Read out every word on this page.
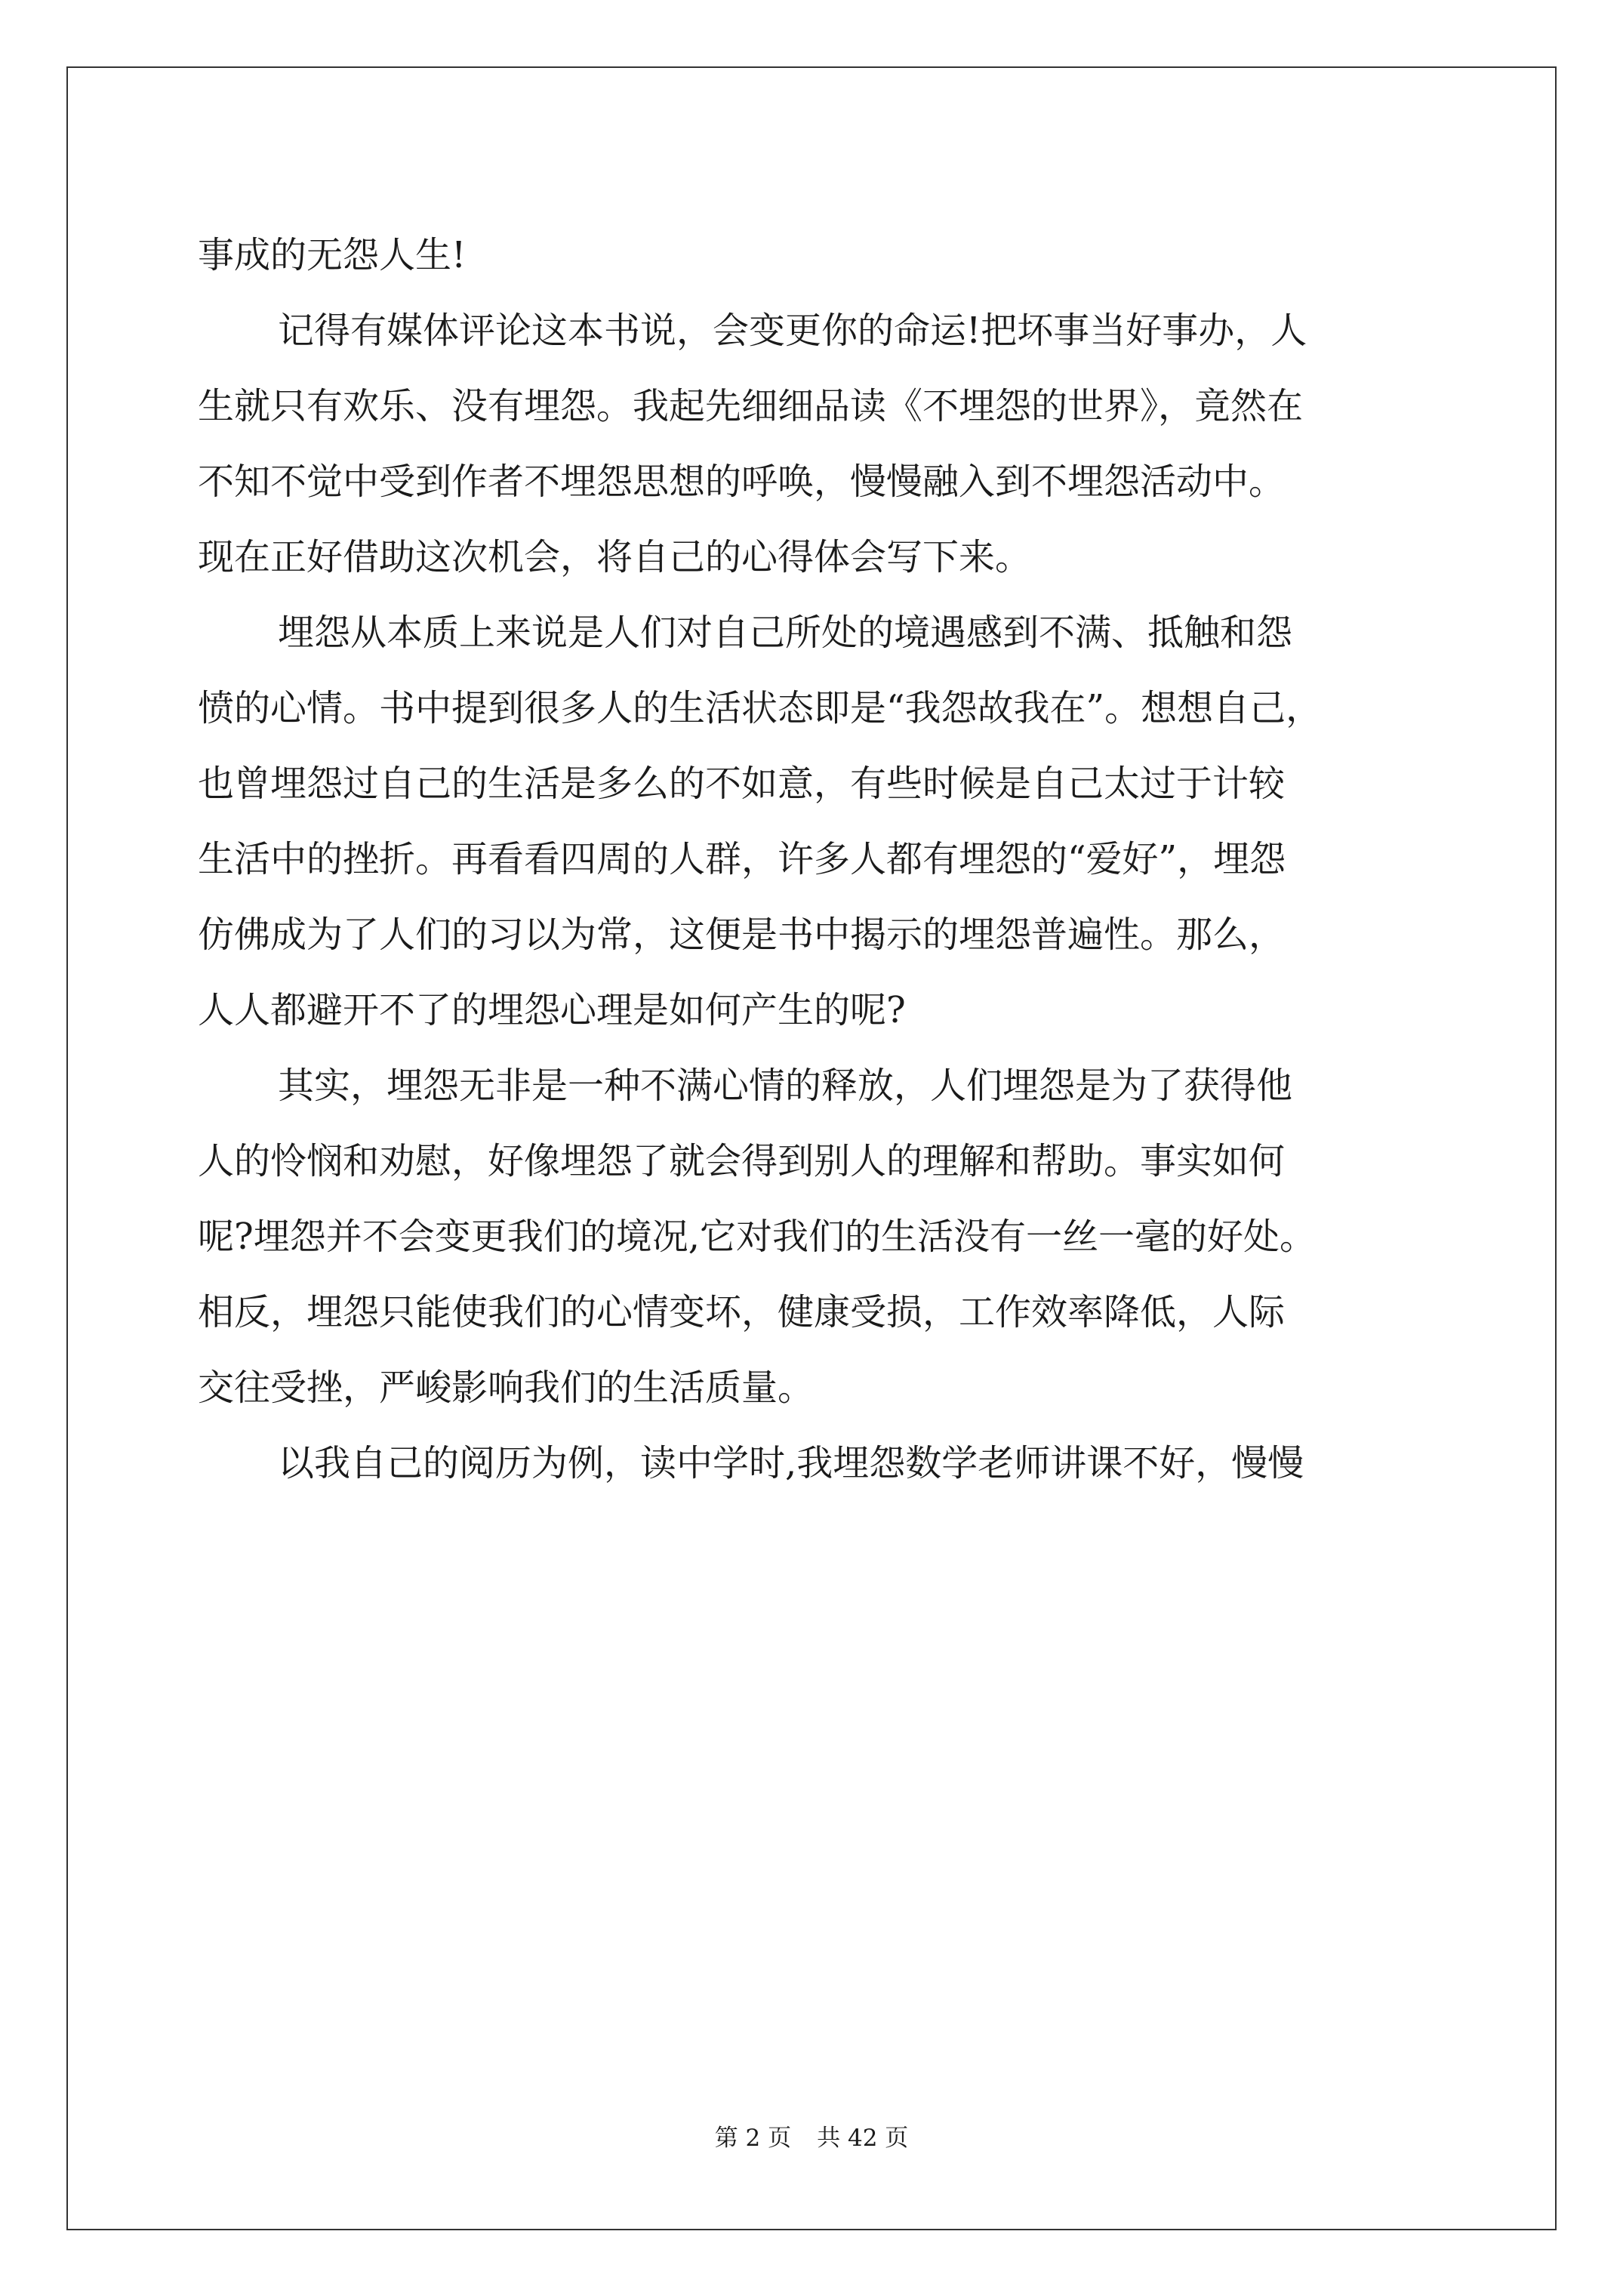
事成的无怨人生!
记得有媒体评论这本书说，会变更你的命运!把坏事当好事办，人
生就只有欢乐、没有埋怨。我起先细细品读《不埋怨的世界》，竟然在
不知不觉中受到作者不埋怨思想的呼唤，慢慢融入到不埋怨活动中。
现在正好借助这次机会，将自己的心得体会写下来。
埋怨从本质上来说是人们对自己所处的境遇感到不满、抵触和怨
愤的心情。书中提到很多人的生活状态即是“我怨故我在”。想想自己，
也曾埋怨过自己的生活是多么的不如意，有些时候是自己太过于计较
生活中的挫折。再看看四周的人群，许多人都有埋怨的“爱好”，埋怨
仿佛成为了人们的习以为常，这便是书中揭示的埋怨普遍性。那么，
人人都避开不了的埋怨心理是如何产生的呢?
其实，埋怨无非是一种不满心情的释放，人们埋怨是为了获得他
人的怜悯和劝慰，好像埋怨了就会得到别人的理解和帮助。事实如何
呢?埋怨并不会变更我们的境况,它对我们的生活没有一丝一毫的好处。
相反，埋怨只能使我们的心情变坏，健康受损，工作效率降低，人际
交往受挫，严峻影响我们的生活质量。
以我自己的阅历为例，读中学时,我埋怨数学老师讲课不好，慢慢
第 2 页 共 42 页
